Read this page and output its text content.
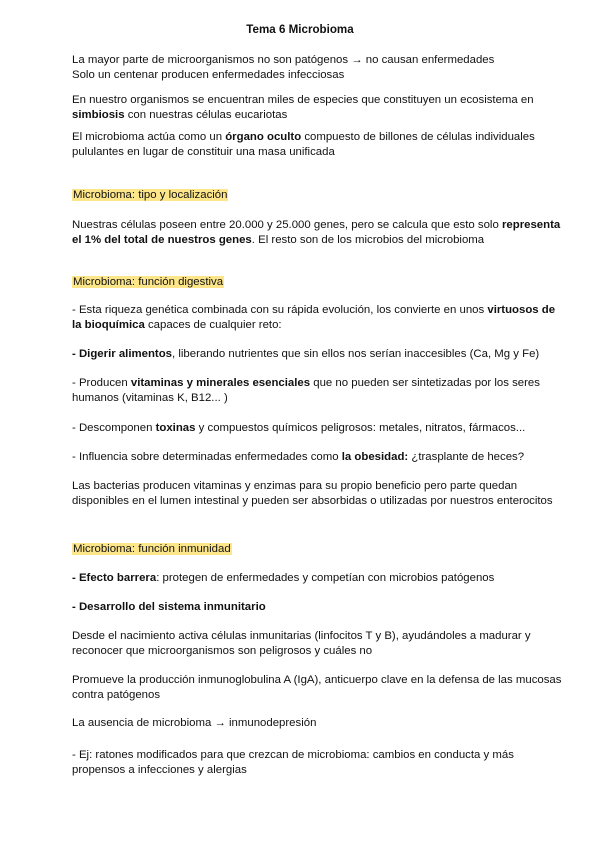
Tema 6 Microbioma

La mayor parte de microorganismos no son patógenos → no causan enfermedades

Solo un centenar producen enfermedades infecciosas

En nuestro organismos se encuentran miles de especies que constituyen un ecosistema en simbiosis con nuestras células eucariotas

El microbioma actúa como un órgano oculto compuesto de billones de células individuales pululantes en lugar de constituir una masa unificada

Microbioma: tipo y localización

Nuestras células poseen entre 20.000 y 25.000 genes, pero se calcula que esto solo representa el 1% del total de nuestros genes. El resto son de los microbios del microbioma

Microbioma: función digestiva

- Esta riqueza genética combinada con su rápida evolución, los convierte en unos virtuosos de la bioquímica capaces de cualquier reto:

- Digerir alimentos, liberando nutrientes que sin ellos nos serían inaccesibles (Ca, Mg y Fe)

- Producen vitaminas y minerales esenciales que no pueden ser sintetizadas por los seres humanos (vitaminas K, B12... )

- Descomponen toxinas y compuestos químicos peligrosos: metales, nitratos, fármacos...

- Influencia sobre determinadas enfermedades como la obesidad: ¿trasplante de heces?

Las bacterias producen vitaminas y enzimas para su propio beneficio pero parte quedan disponibles en el lumen intestinal y pueden ser absorbidas o utilizadas por nuestros enterocitos

Microbioma: función inmunidad

- Efecto barrera: protegen de enfermedades y competían con microbios patógenos

- Desarrollo del sistema inmunitario

Desde el nacimiento activa células inmunitarias (linfocitos T y B), ayudándoles a madurar y reconocer que microorganismos son peligrosos y cuáles no

Promueve la producción inmunoglobulina A (IgA), anticuerpo clave en la defensa de las mucosas contra patógenos

La ausencia de microbioma → inmunodepresión

- Ej: ratones modificados para que crezcan de microbioma: cambios en conducta y más propensos a infecciones y alergias
